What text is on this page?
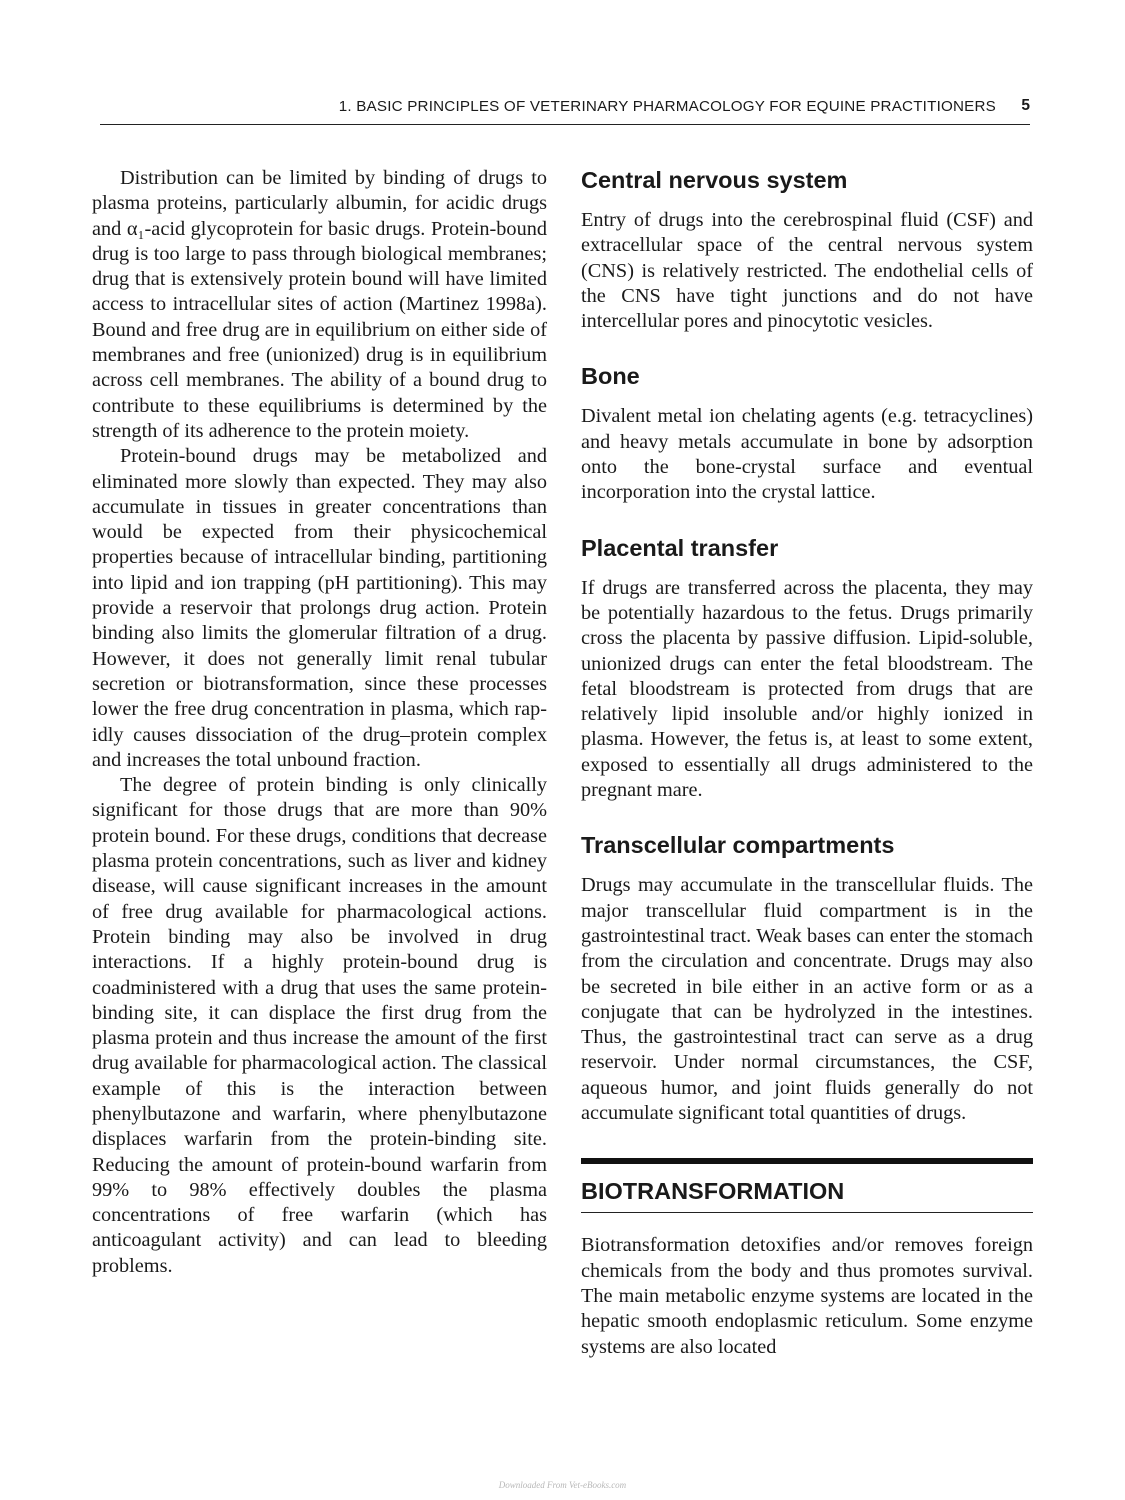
1. BASIC PRINCIPLES OF VETERINARY PHARMACOLOGY FOR EQUINE PRACTITIONERS 5

Distribution can be limited by binding of drugs to plasma proteins, particularly albumin, for acidic drugs and α₁-acid glycoprotein for basic drugs. Protein-bound drug is too large to pass through biological membranes; drug that is extensively protein bound will have limited access to intracellular sites of action (Martinez 1998a). Bound and free drug are in equilibrium on either side of membranes and free (unionized) drug is in equilibrium across cell membranes. The ability of a bound drug to contribute to these equilibriums is determined by the strength of its adherence to the protein moiety.

Protein-bound drugs may be metabolized and eliminated more slowly than expected. They may also accumulate in tissues in greater concentrations than would be expected from their physicochemical properties because of intracellular binding, partitioning into lipid and ion trapping (pH partitioning). This may provide a reservoir that prolongs drug action. Protein binding also limits the glomerular filtration of a drug. However, it does not generally limit renal tubular secretion or biotransformation, since these processes lower the free drug concentration in plasma, which rapidly causes dissociation of the drug–protein complex and increases the total unbound fraction.

The degree of protein binding is only clinically significant for those drugs that are more than 90% protein bound. For these drugs, conditions that decrease plasma protein concentrations, such as liver and kidney disease, will cause significant increases in the amount of free drug available for pharmacological actions. Protein binding may also be involved in drug interactions. If a highly protein-bound drug is coadministered with a drug that uses the same protein-binding site, it can displace the first drug from the plasma protein and thus increase the amount of the first drug available for pharmacological action. The classical example of this is the interaction between phenylbutazone and warfarin, where phenylbutazone displaces warfarin from the protein-binding site. Reducing the amount of protein-bound warfarin from 99% to 98% effectively doubles the plasma concentrations of free warfarin (which has anticoagulant activity) and can lead to bleeding problems.

Central nervous system

Entry of drugs into the cerebrospinal fluid (CSF) and extracellular space of the central nervous system (CNS) is relatively restricted. The endothelial cells of the CNS have tight junctions and do not have intercellular pores and pinocytotic vesicles.

Bone

Divalent metal ion chelating agents (e.g. tetracyclines) and heavy metals accumulate in bone by adsorption onto the bone-crystal surface and eventual incorporation into the crystal lattice.

Placental transfer

If drugs are transferred across the placenta, they may be potentially hazardous to the fetus. Drugs primarily cross the placenta by passive diffusion. Lipid-soluble, unionized drugs can enter the fetal bloodstream. The fetal bloodstream is protected from drugs that are relatively lipid insoluble and/or highly ionized in plasma. However, the fetus is, at least to some extent, exposed to essentially all drugs administered to the pregnant mare.

Transcellular compartments

Drugs may accumulate in the transcellular fluids. The major transcellular fluid compartment is in the gastrointestinal tract. Weak bases can enter the stomach from the circulation and concentrate. Drugs may also be secreted in bile either in an active form or as a conjugate that can be hydrolyzed in the intestines. Thus, the gastrointestinal tract can serve as a drug reservoir. Under normal circumstances, the CSF, aqueous humor, and joint fluids generally do not accumulate significant total quantities of drugs.

BIOTRANSFORMATION

Biotransformation detoxifies and/or removes foreign chemicals from the body and thus promotes survival. The main metabolic enzyme systems are located in the hepatic smooth endoplasmic reticulum. Some enzyme systems are also located

Downloaded From Vet-eBooks.com
